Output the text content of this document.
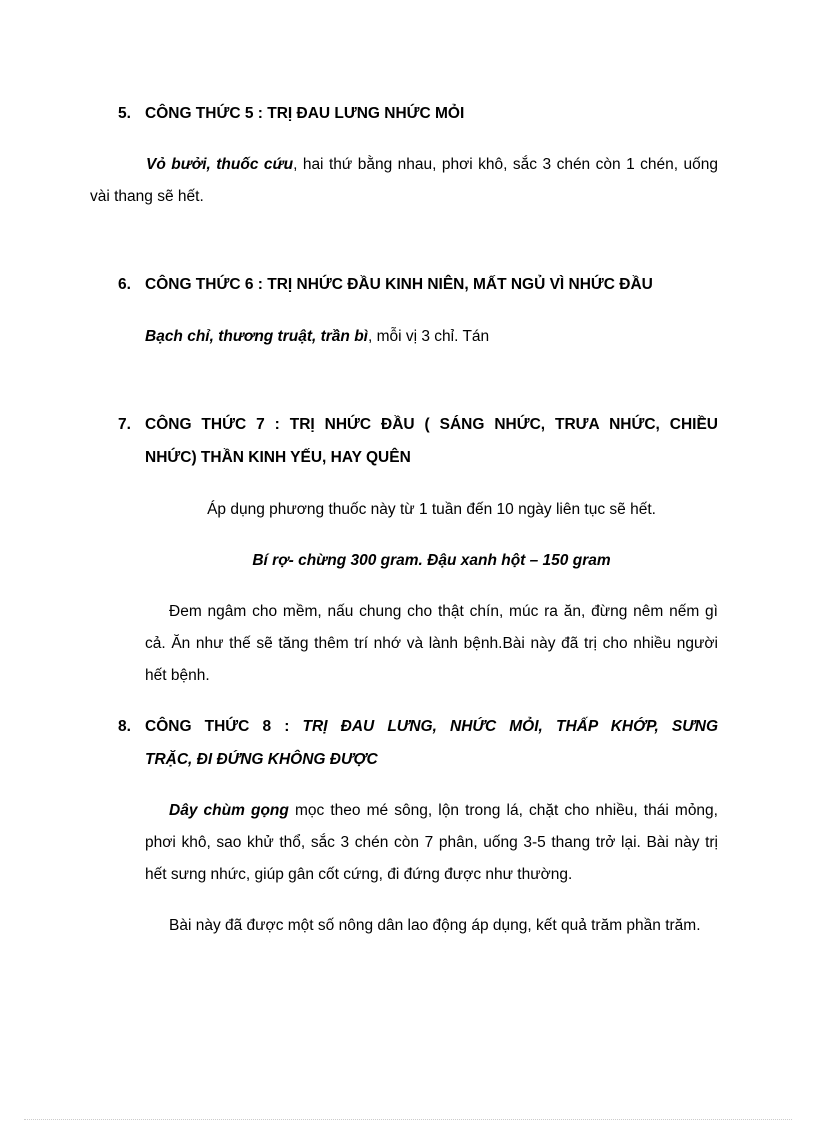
5. CÔNG THỨC 5 : TRỊ ĐAU LƯNG NHỨC MỎI
Vỏ bưởi, thuốc cứu, hai thứ bằng nhau, phơi khô, sắc 3 chén còn 1 chén, uống vài thang sẽ hết.
6. CÔNG THỨC 6 : TRỊ NHỨC ĐẦU KINH NIÊN, MẤT NGỦ VÌ NHỨC ĐẦU
Bạch chỉ, thương truật, trần bì, mỗi vị 3 chỉ. Tán
7. CÔNG THỨC 7 : TRỊ NHỨC ĐẦU ( SÁNG NHỨC, TRƯA NHỨC, CHIỀU
NHỨC) THẦN KINH YẾU, HAY QUÊN
Áp dụng phương thuốc này từ 1 tuần đến 10 ngày liên tục sẽ hết.
Bí rợ- chừng 300 gram. Đậu xanh hột – 150 gram
Đem ngâm cho mềm, nấu chung cho thật chín, múc ra ăn, đừng nêm nếm gì cả. Ăn như thế sẽ tăng thêm trí nhớ và lành bệnh.Bài này đã trị cho nhiều người hết bệnh.
8. CÔNG THỨC 8 : TRỊ ĐAU LƯNG, NHỨC MỎI, THẤP KHỚP, SƯNG
TRẶC, ĐI ĐỨNG KHÔNG ĐƯỢC
Dây chùm gọng mọc theo mé sông, lộn trong lá, chặt cho nhiều, thái mỏng, phơi khô, sao khử thổ, sắc 3 chén còn 7 phân, uống 3-5 thang trở lại. Bài này trị hết sưng nhức, giúp gân cốt cứng, đi đứng được như thường.
Bài này đã được một số nông dân lao động áp dụng, kết quả trăm phần trăm.
